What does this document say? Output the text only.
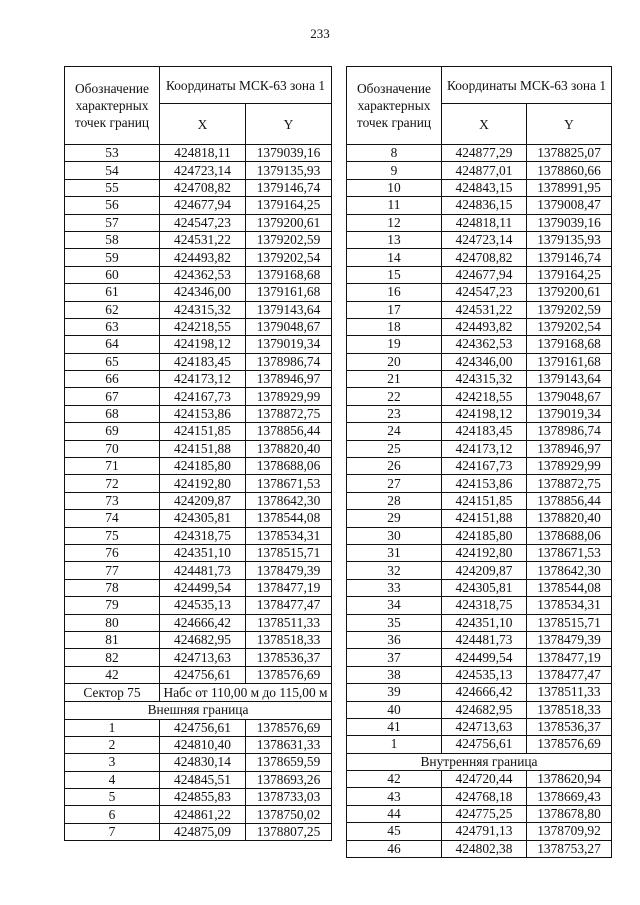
233
Обозначение характерных точек границ	Координаты МСК-63 зона 1	
	X	Y
53	424818,11	1379039,16
54	424723,14	1379135,93
55	424708,82	1379146,74
56	424677,94	1379164,25
57	424547,23	1379200,61
58	424531,22	1379202,59
59	424493,82	1379202,54
60	424362,53	1379168,68
61	424346,00	1379161,68
62	424315,32	1379143,64
63	424218,55	1379048,67
64	424198,12	1379019,34
65	424183,45	1378986,74
66	424173,12	1378946,97
67	424167,73	1378929,99
68	424153,86	1378872,75
69	424151,85	1378856,44
70	424151,88	1378820,40
71	424185,80	1378688,06
72	424192,80	1378671,53
73	424209,87	1378642,30
74	424305,81	1378544,08
75	424318,75	1378534,31
76	424351,10	1378515,71
77	424481,73	1378479,39
78	424499,54	1378477,19
79	424535,13	1378477,47
80	424666,42	1378511,33
81	424682,95	1378518,33
82	424713,63	1378536,37
42	424756,61	1378576,69
Сектор 75	Набс от 110,00 м до 115,00 м	

Внешняя граница		
1	424756,61	1378576,69
2	424810,40	1378631,33
3	424830,14	1378659,59
4	424845,51	1378693,26
5	424855,83	1378733,03
6	424861,22	1378750,02
7	424875,09	1378807,25
Обозначение характерных точек границ	Координаты МСК-63 зона 1	
	X	Y
8	424877,29	1378825,07
9	424877,01	1378860,66
10	424843,15	1378991,95
11	424836,15	1379008,47
12	424818,11	1379039,16
13	424723,14	1379135,93
14	424708,82	1379146,74
15	424677,94	1379164,25
16	424547,23	1379200,61
17	424531,22	1379202,59
18	424493,82	1379202,54
19	424362,53	1379168,68
20	424346,00	1379161,68
21	424315,32	1379143,64
22	424218,55	1379048,67
23	424198,12	1379019,34
24	424183,45	1378986,74
25	424173,12	1378946,97
26	424167,73	1378929,99
27	424153,86	1378872,75
28	424151,85	1378856,44
29	424151,88	1378820,40
30	424185,80	1378688,06
31	424192,80	1378671,53
32	424209,87	1378642,30
33	424305,81	1378544,08
34	424318,75	1378534,31
35	424351,10	1378515,71
36	424481,73	1378479,39
37	424499,54	1378477,19
38	424535,13	1378477,47
39	424666,42	1378511,33
40	424682,95	1378518,33
41	424713,63	1378536,37
1	424756,61	1378576,69
Внутренняя граница		
42	424720,44	1378620,94
43	424768,18	1378669,43
44	424775,25	1378678,80
45	424791,13	1378709,92
46	424802,38	1378753,27
